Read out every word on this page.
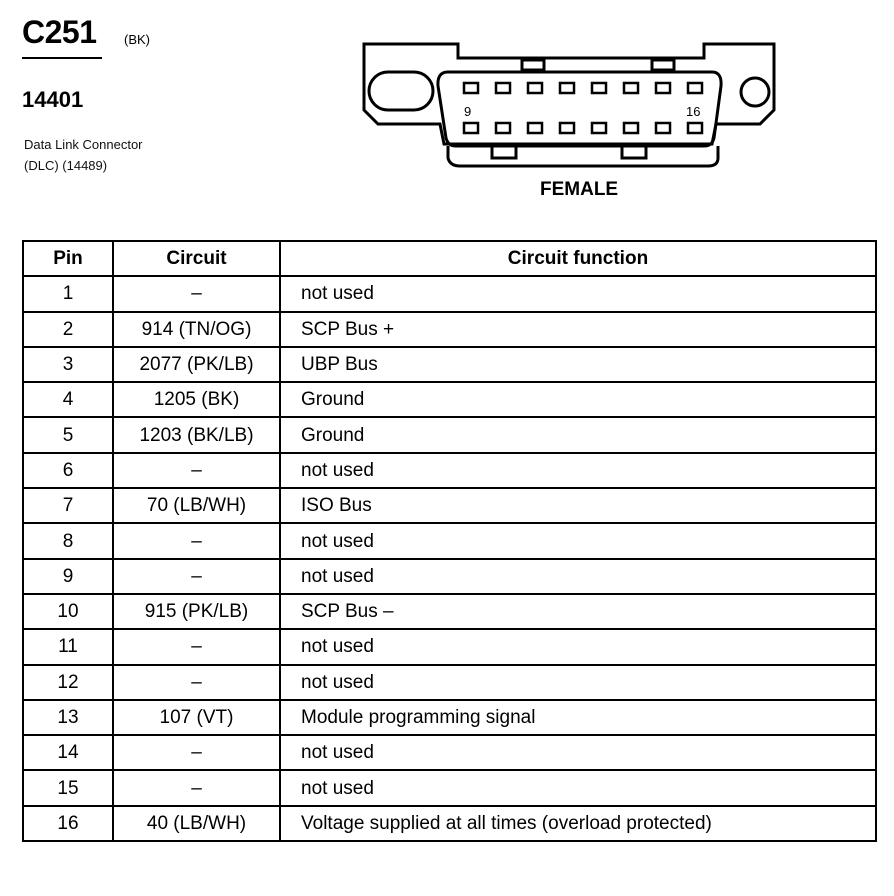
C251 (BK)
14401
Data Link Connector
(DLC) (14489)
9	16
FEMALE
Pin	Circuit	Circuit function
1	–	not used
2	914 (TN/OG)	SCP Bus +
3	2077 (PK/LB)	UBP Bus
4	1205 (BK)	Ground
5	1203 (BK/LB)	Ground
6	–	not used
7	70 (LB/WH)	ISO Bus
8	–	not used
9	–	not used
10	915 (PK/LB)	SCP Bus –
11	–	not used
12	–	not used
13	107 (VT)	Module programming signal
14	–	not used
15	–	not used
16	40 (LB/WH)	Voltage supplied at all times (overload protected)
